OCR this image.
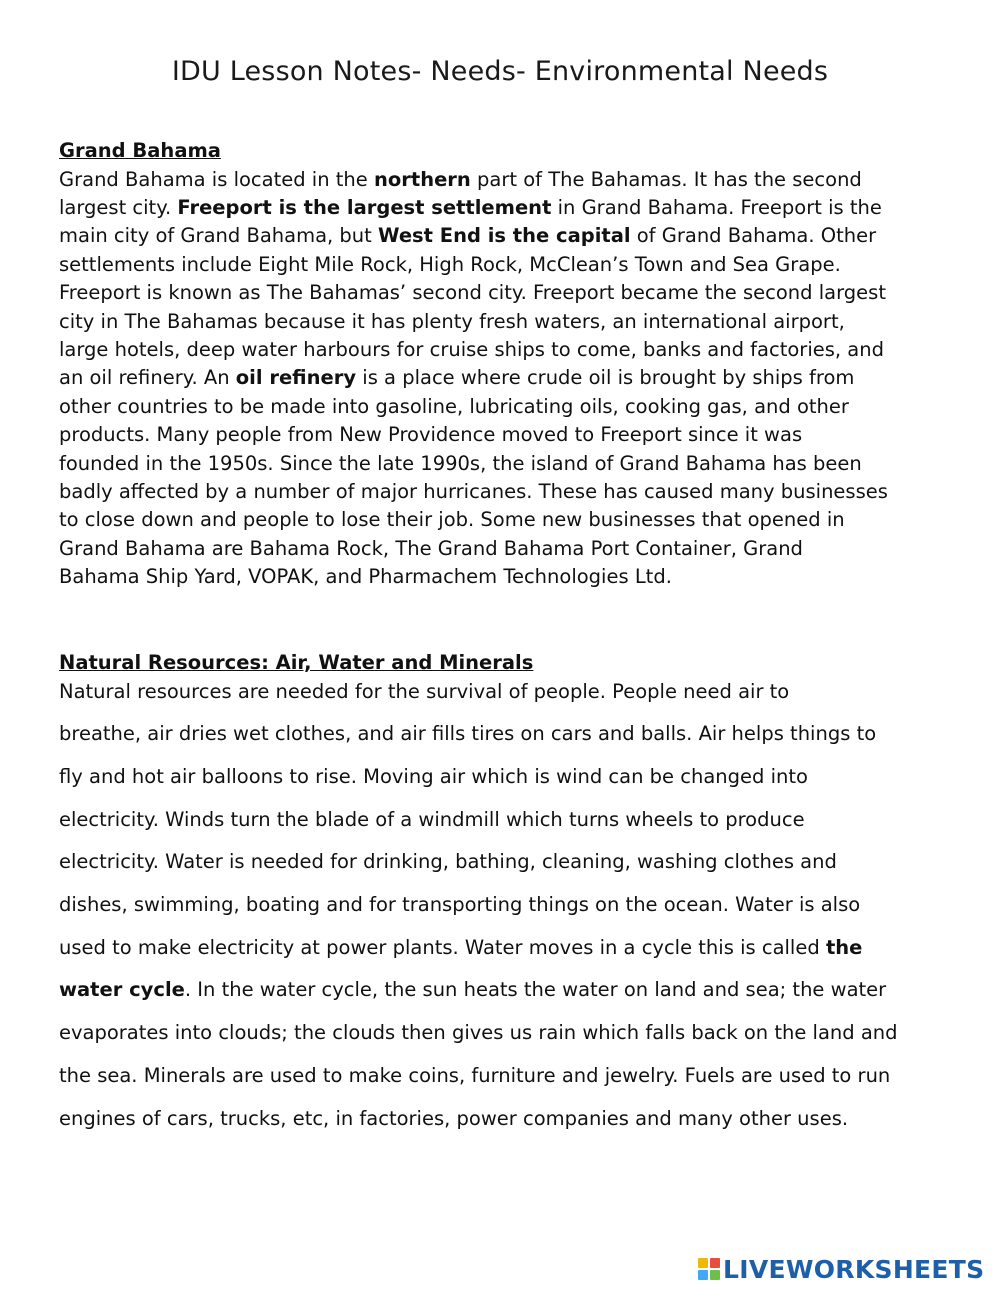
IDU Lesson Notes- Needs- Environmental Needs
Grand Bahama

Grand Bahama is located in the northern part of The Bahamas. It has the second
largest city. Freeport is the largest settlement in Grand Bahama. Freeport is the
main city of Grand Bahama, but West End is the capital of Grand Bahama. Other
settlements include Eight Mile Rock, High Rock, McClean’s Town and Sea Grape.
Freeport is known as The Bahamas’ second city. Freeport became the second largest
city in The Bahamas because it has plenty fresh waters, an international airport,
large hotels, deep water harbours for cruise ships to come, banks and factories, and
an oil refinery. An oil refinery is a place where crude oil is brought by ships from
other countries to be made into gasoline, lubricating oils, cooking gas, and other
products. Many people from New Providence moved to Freeport since it was
founded in the 1950s. Since the late 1990s, the island of Grand Bahama has been
badly affected by a number of major hurricanes. These has caused many businesses
to close down and people to lose their job. Some new businesses that opened in
Grand Bahama are Bahama Rock, The Grand Bahama Port Container, Grand
Bahama Ship Yard, VOPAK, and Pharmachem Technologies Ltd.

Natural Resources: Air, Water and Minerals

Natural resources are needed for the survival of people. People need air to
breathe, air dries wet clothes, and air fills tires on cars and balls. Air helps things to
fly and hot air balloons to rise. Moving air which is wind can be changed into
electricity. Winds turn the blade of a windmill which turns wheels to produce
electricity. Water is needed for drinking, bathing, cleaning, washing clothes and
dishes, swimming, boating and for transporting things on the ocean. Water is also
used to make electricity at power plants. Water moves in a cycle this is called the
water cycle. In the water cycle, the sun heats the water on land and sea; the water
evaporates into clouds; the clouds then gives us rain which falls back on the land and
the sea. Minerals are used to make coins, furniture and jewelry. Fuels are used to run
engines of cars, trucks, etc, in factories, power companies and many other uses.

LIVEWORKSHEETS
